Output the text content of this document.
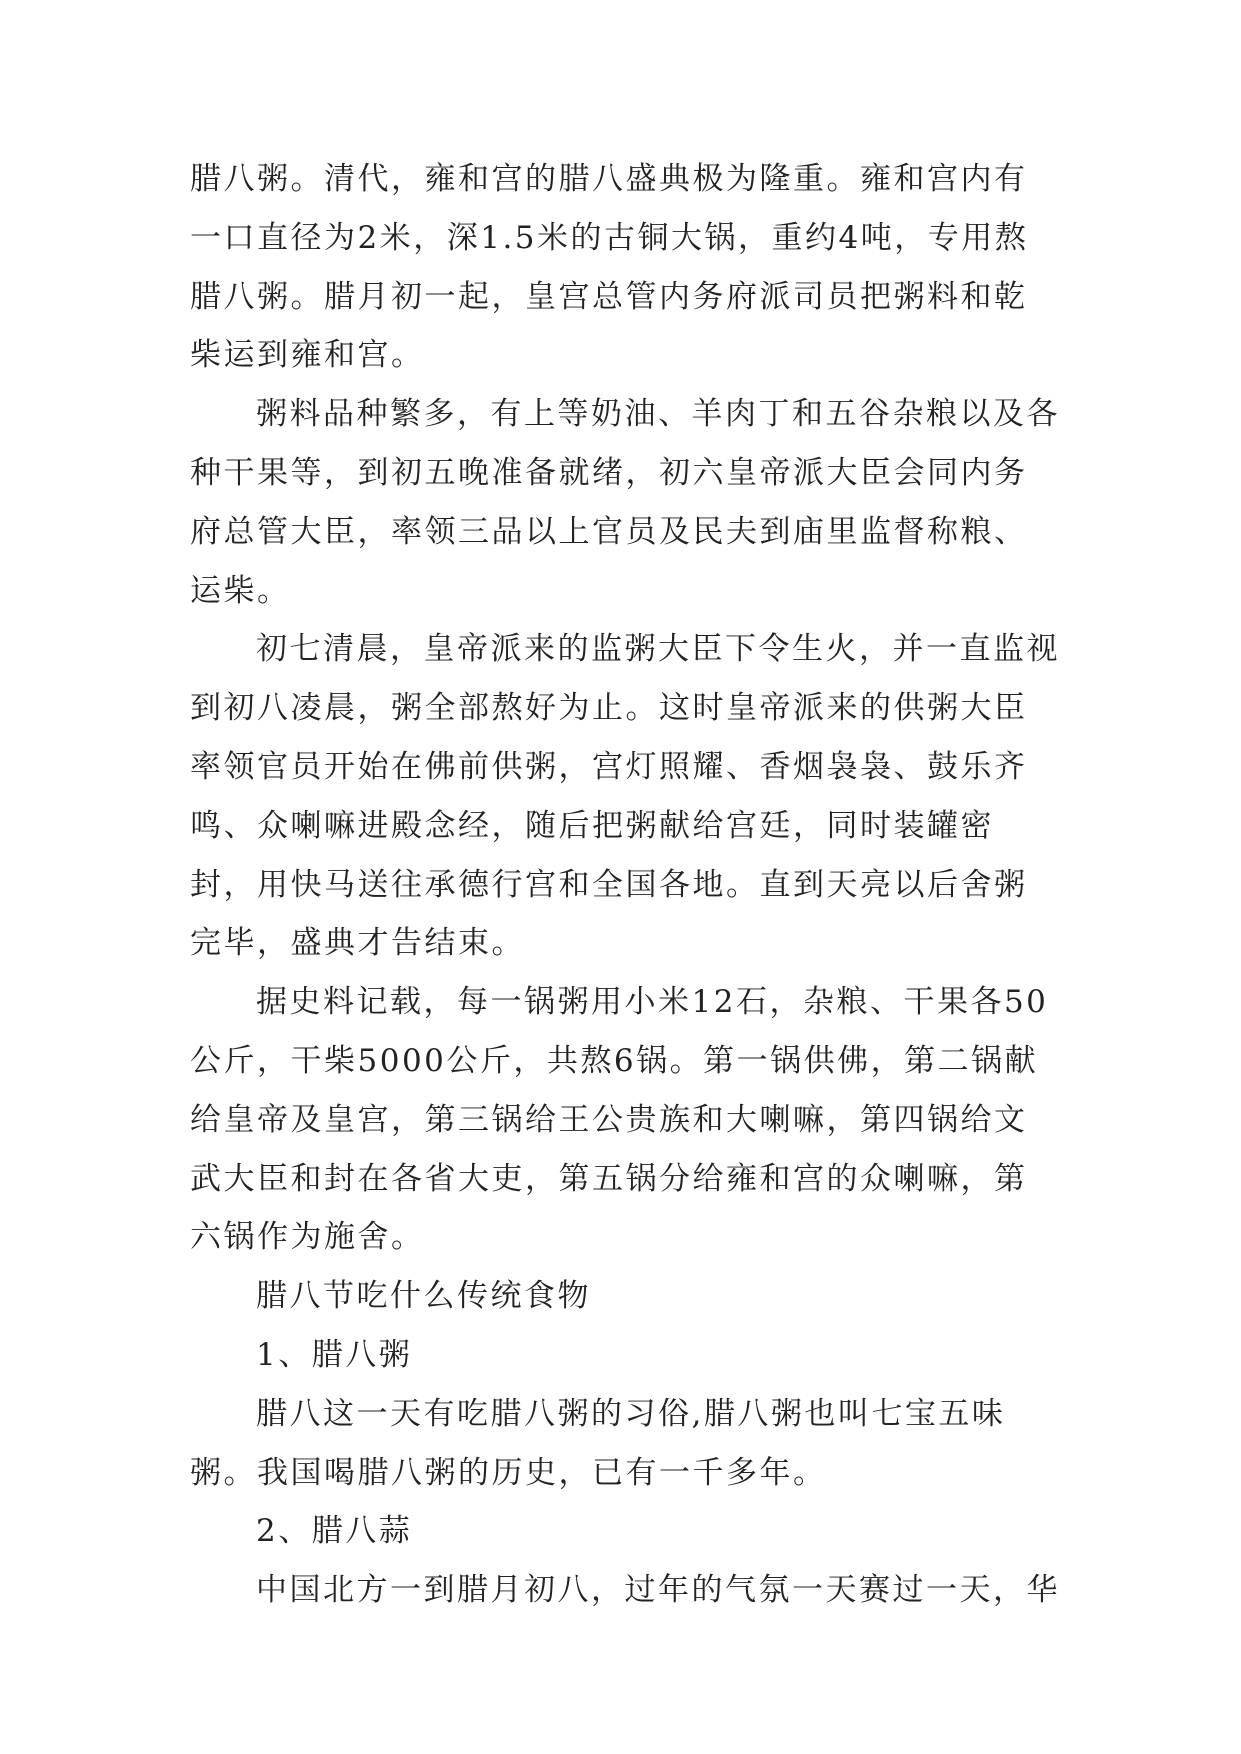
腊八粥。清代，雍和宫的腊八盛典极为隆重。雍和宫内有一口直径为2米，深1.5米的古铜大锅，重约4吨，专用熬腊八粥。腊月初一起，皇宫总管内务府派司员把粥料和乾柴运到雍和宫。

粥料品种繁多，有上等奶油、羊肉丁和五谷杂粮以及各种干果等，到初五晚准备就绪，初六皇帝派大臣会同内务府总管大臣，率领三品以上官员及民夫到庙里监督称粮、运柴。

初七清晨，皇帝派来的监粥大臣下令生火，并一直监视到初八凌晨，粥全部熬好为止。这时皇帝派来的供粥大臣率领官员开始在佛前供粥，宫灯照耀、香烟袅袅、鼓乐齐鸣、众喇嘛进殿念经，随后把粥献给宫廷，同时装罐密封，用快马送往承德行宫和全国各地。直到天亮以后舍粥完毕，盛典才告结束。

据史料记载，每一锅粥用小米12石，杂粮、干果各50公斤，干柴5000公斤，共熬6锅。第一锅供佛，第二锅献给皇帝及皇宫，第三锅给王公贵族和大喇嘛，第四锅给文武大臣和封在各省大吏，第五锅分给雍和宫的众喇嘛，第六锅作为施舍。

腊八节吃什么传统食物

1、腊八粥

腊八这一天有吃腊八粥的习俗,腊八粥也叫七宝五味粥。我国喝腊八粥的历史，已有一千多年。

2、腊八蒜

中国北方一到腊月初八，过年的气氛一天赛过一天，华
